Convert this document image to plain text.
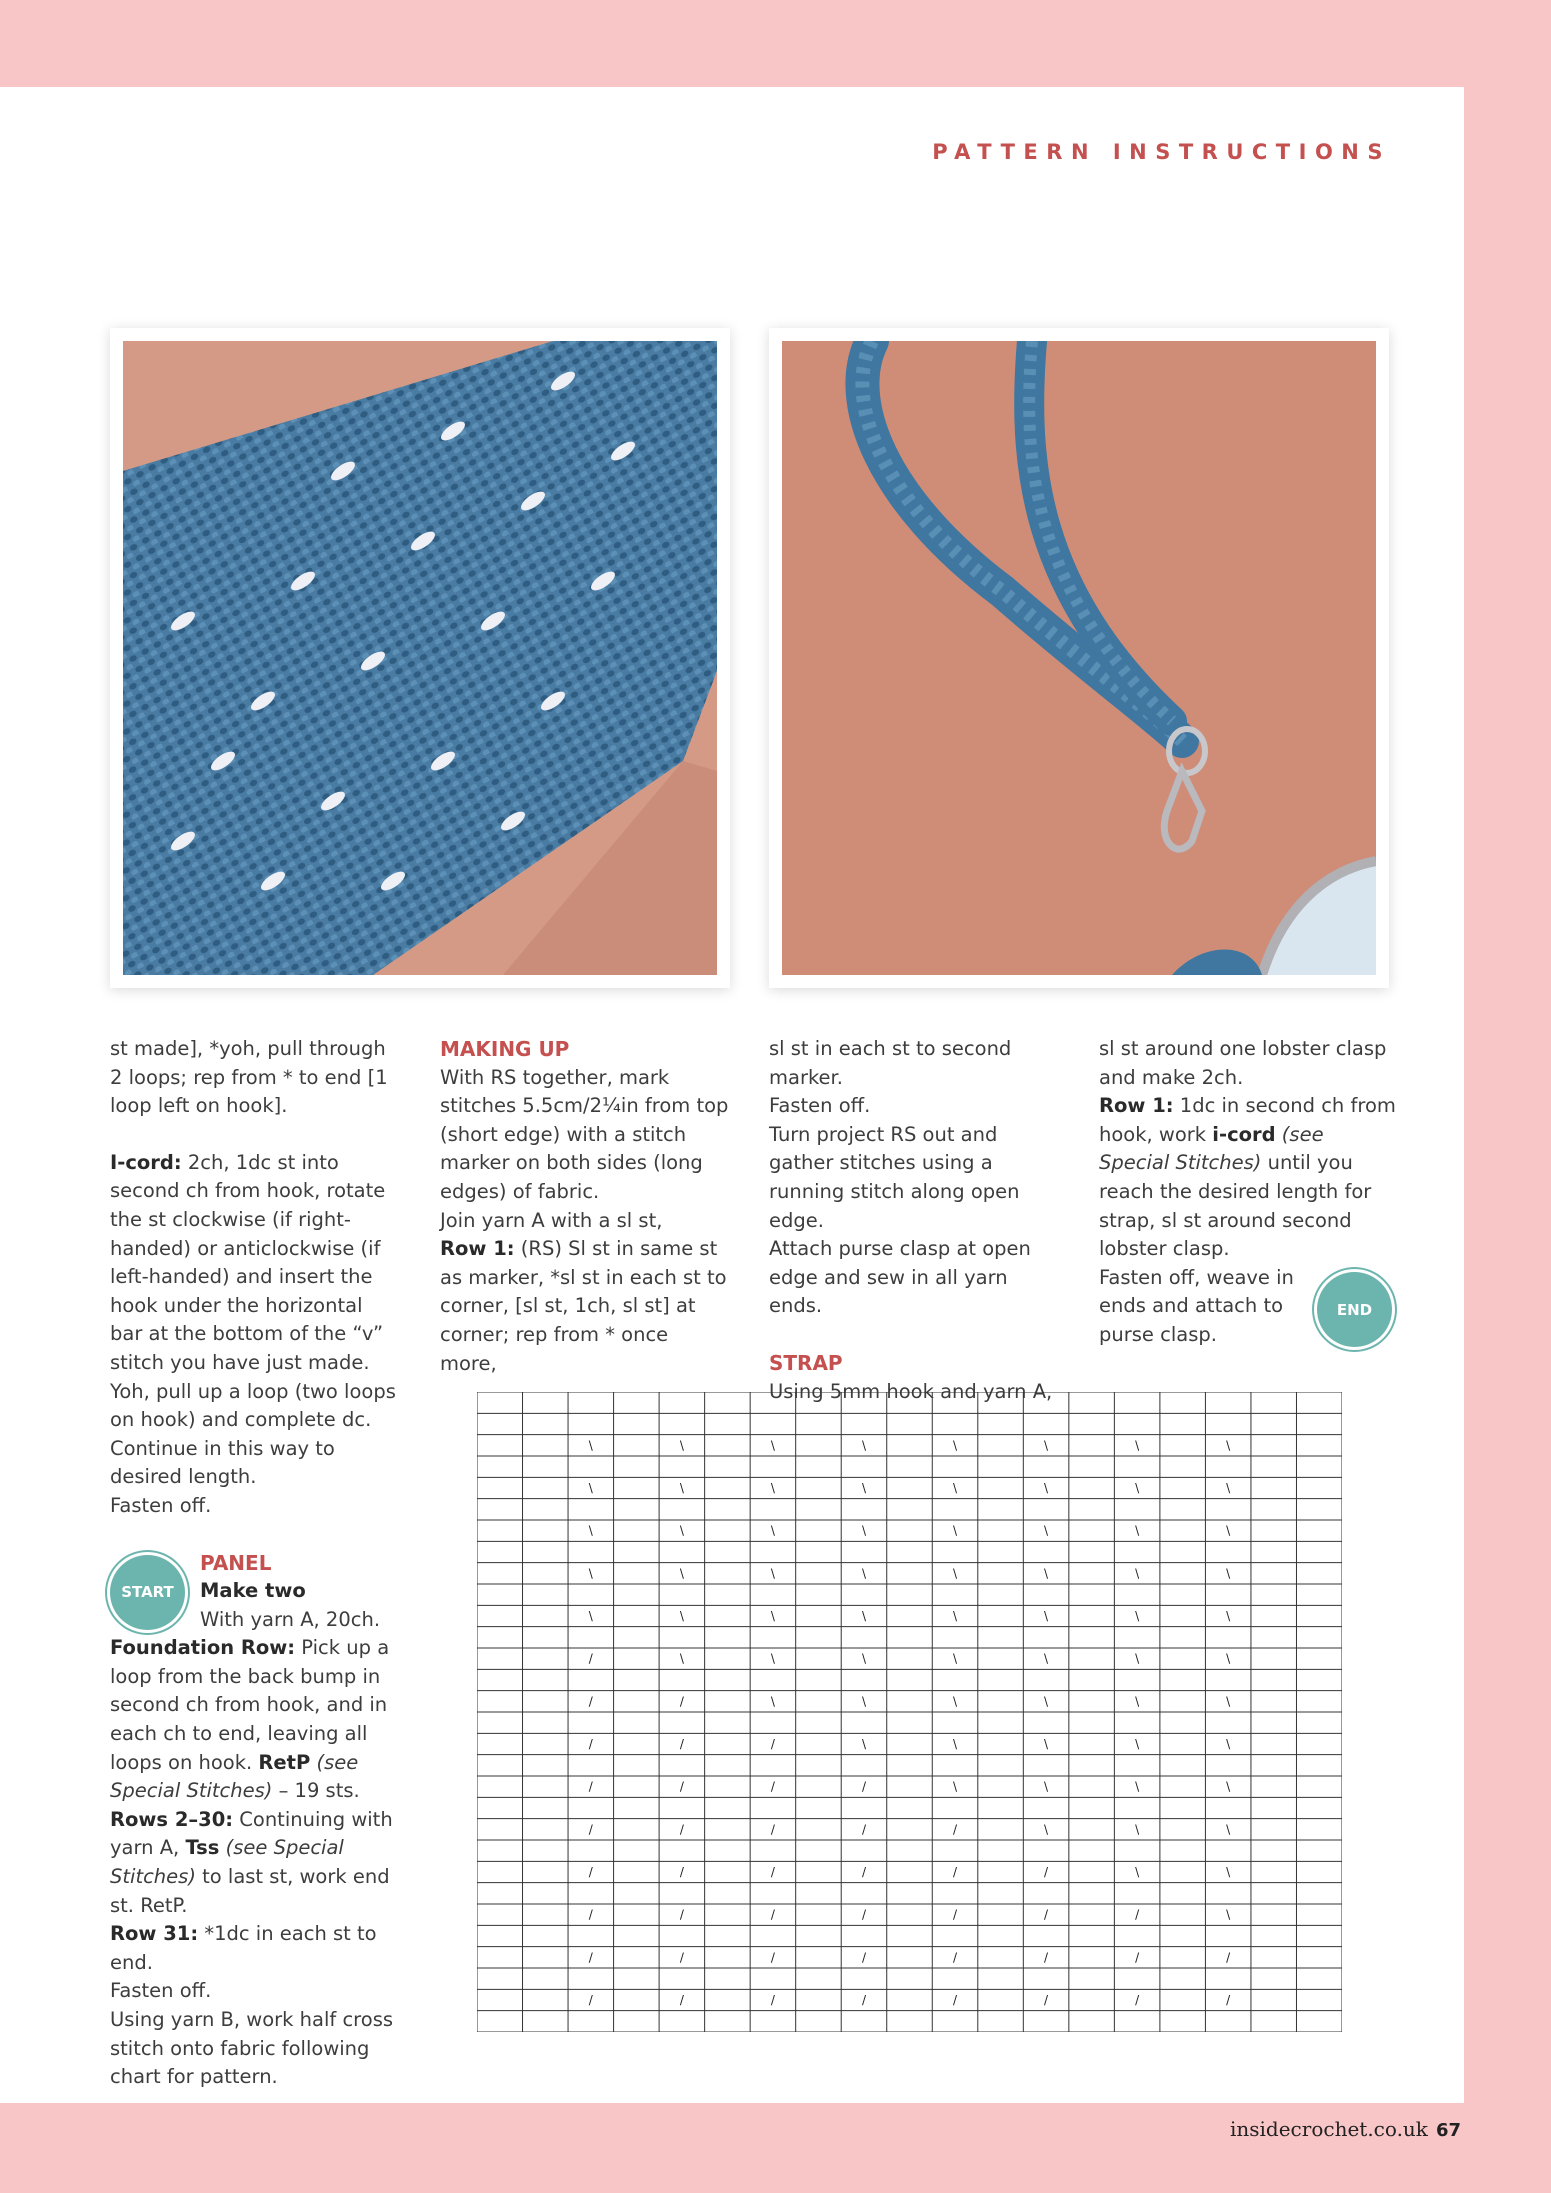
PATTERN INSTRUCTIONS

st made], *yoh, pull through 2 loops; rep from * to end [1 loop left on hook].

I-cord: 2ch, 1dc st into second ch from hook, rotate the st clockwise (if right-handed) or anticlockwise (if left-handed) and insert the hook under the horizontal bar at the bottom of the “v” stitch you have just made. Yoh, pull up a loop (two loops on hook) and complete dc. Continue in this way to desired length.

Fasten off.

START

PANEL

Make two

With yarn A, 20ch.

Foundation Row: Pick up a loop from the back bump in second ch from hook, and in each ch to end, leaving all loops on hook. RetP (see Special Stitches) – 19 sts.

Rows 2–30: Continuing with yarn A, Tss (see Special Stitches) to last st, work end st. RetP.

Row 31: *1dc in each st to end.

Fasten off.

Using yarn B, work half cross stitch onto fabric following chart for pattern.

MAKING UP

With RS together, mark stitches 5.5cm/2¼in from top (short edge) with a stitch marker on both sides (long edges) of fabric.

Join yarn A with a sl st,

Row 1: (RS) Sl st in same st as marker, *sl st in each st to corner, [sl st, 1ch, sl st] at corner; rep from * once more,

sl st in each st to second marker.

Fasten off.

Turn project RS out and gather stitches using a running stitch along open edge.

Attach purse clasp at open edge and sew in all yarn ends.

STRAP

Using 5mm hook and yarn A,

sl st around one lobster clasp and make 2ch.

Row 1: 1dc in second ch from hook, work i-cord (see Special Stitches) until you reach the desired length for strap, sl st around second lobster clasp.

Fasten off, weave in

ends and attach to

purse clasp.

END
\	\	\	\	\	\	\	\
\	\	\	\	\	\	\	\
\	\	\	\	\	\	\	\
\	\	\	\	\	\	\	\
\	\	\	\	\	\	\	\
/	\	\	\	\	\	\	\
/	/	\	\	\	\	\	\
/	/	/	\	\	\	\	\
/	/	/	/	\	\	\	\
/	/	/	/	/	\	\	\
/	/	/	/	/	/	\	\
/	/	/	/	/	/	/	\
/	/	/	/	/	/	/	/
/	/	/	/	/	/	/	/
insidecrochet.co.uk 67
